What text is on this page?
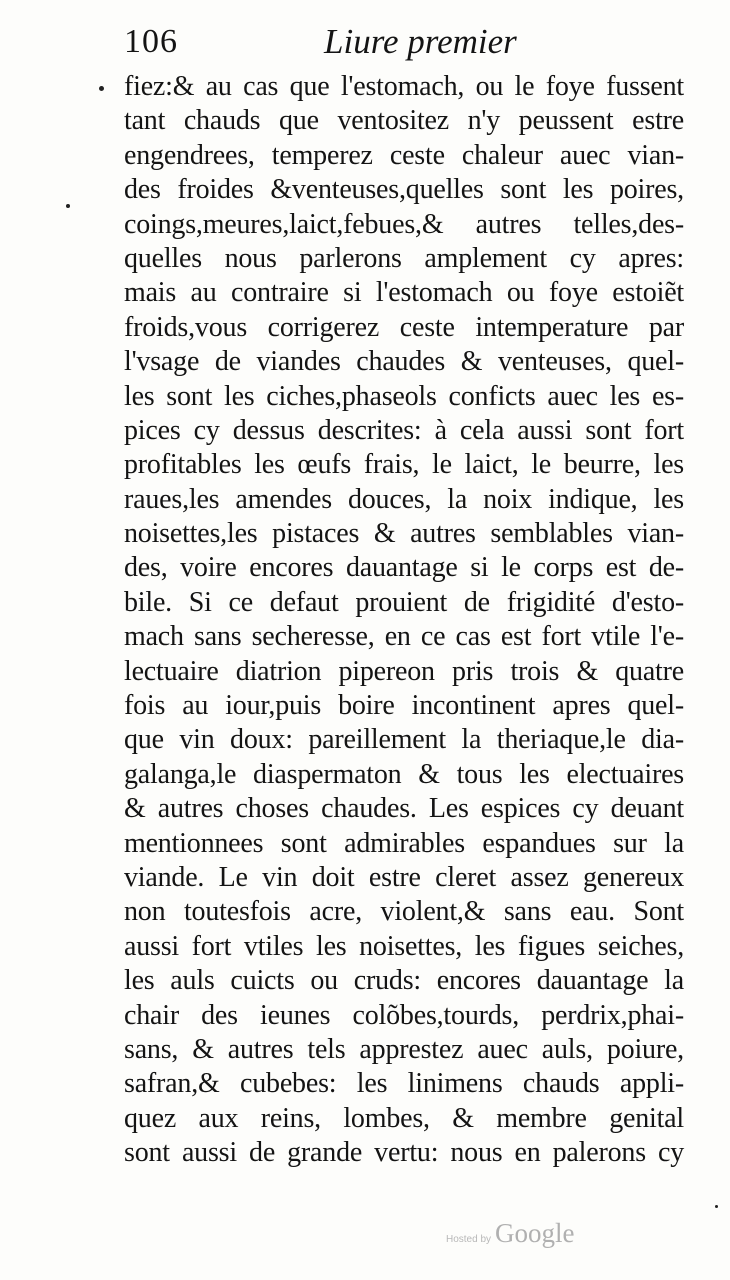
106	Liure premier
fiez:& au cas que l'estomach, ou le foye fussent
tant chauds que ventositez n'y peussent estre
engendrees, temperez ceste chaleur auec vian-
des froides &venteuses,quelles sont les poires,
coings,meures,laict,febues,& autres telles,des-
quelles nous parlerons amplement cy apres:
mais au contraire si l'estomach ou foye estoiẽt
froids,vous corrigerez ceste intemperature par
l'vsage de viandes chaudes & venteuses, quel-
les sont les ciches,phaseols conficts auec les es-
pices cy dessus descrites: à cela aussi sont fort
profitables les œufs frais, le laict, le beurre, les
raues,les amendes douces, la noix indique, les
noisettes,les pistaces & autres semblables vian-
des, voire encores dauantage si le corps est de-
bile. Si ce defaut prouient de frigidité d'esto-
mach sans secheresse, en ce cas est fort vtile l'e-
lectuaire diatrion pipereon pris trois & quatre
fois au iour,puis boire incontinent apres quel-
que vin doux: pareillement la theriaque,le dia-
galanga,le diaspermaton & tous les electuaires
& autres choses chaudes. Les espices cy deuant
mentionnees sont admirables espandues sur la
viande. Le vin doit estre cleret assez genereux
non toutesfois acre, violent,& sans eau. Sont
aussi fort vtiles les noisettes, les figues seiches,
les auls cuicts ou cruds: encores dauantage la
chair des ieunes colõbes,tourds, perdrix,phai-
sans, & autres tels apprestez auec auls, poiure,
safran,& cubebes: les linimens chauds appli-
quez aux reins, lombes, & membre genital
sont aussi de grande vertu: nous en palerons cy
Hosted by Google
